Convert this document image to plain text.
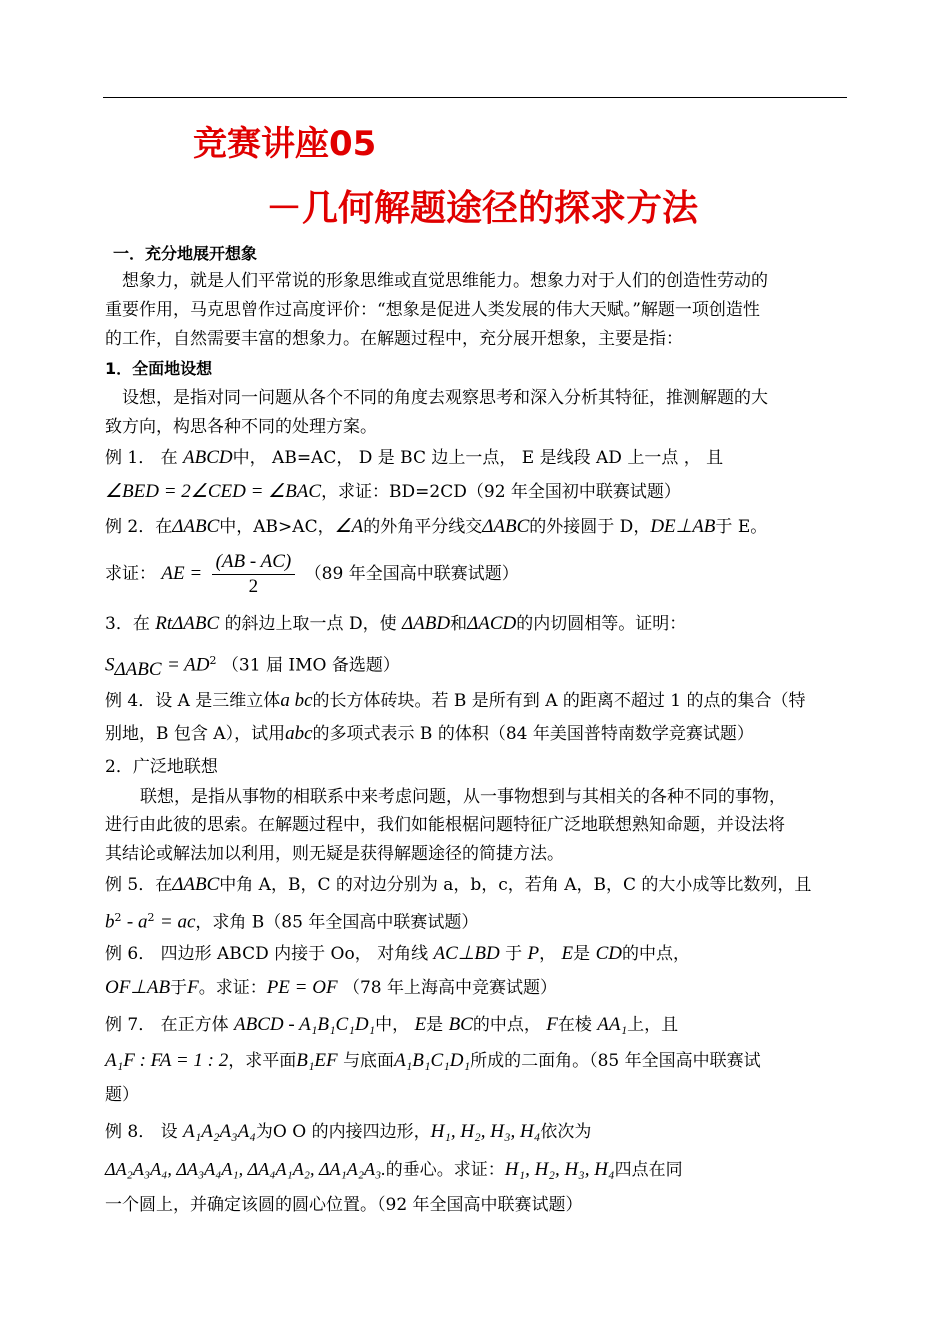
竞赛讲座05
－几何解题途径的探求方法
一．充分地展开想象
想象力，就是人们平常说的形象思维或直觉思维能力。想象力对于人们的创造性劳动的
重要作用，马克思曾作过高度评价：“想象是促进人类发展的伟大天赋。”解题一项创造性
的工作，自然需要丰富的想象力。在解题过程中，充分展开想象，主要是指：
1．全面地设想
设想，是指对同一问题从各个不同的角度去观察思考和深入分析其特征，推测解题的大
致方向，构思各种不同的处理方案。
例 1． 在 ABCD中， AB=AC， D 是 BC 边上一点， E 是线段 AD 上一点 ， 且
∠BED = 2∠CED = ∠BAC，求证：BD=2CD（92 年全国初中联赛试题）
例 2．在ΔABC中，AB>AC，∠A的外角平分线交ΔABC的外接圆于 D，DE⊥AB于 E。
求证： AE = $\frac{(AB - AC)}{2} (89$ 年全国高中联赛试题）
3．在 RtΔABC 的斜边上取一点 D，使 ΔABD和ΔACD的内切圆相等。证明：
$S_{\Delta ABC} = AD^2$ （31 届 IMO 备选题）
例 4．设 A 是三维立体a bc的长方体砖块。若 B 是所有到 A 的距离不超过 1 的点的集合（特
别地，B 包含 A），试用abc的多项式表示 B 的体积（84 年美国普特南数学竞赛试题）
2．广泛地联想
联想，是指从事物的相联系中来考虑问题，从一事物想到与其相关的各种不同的事物，
进行由此彼的思索。在解题过程中，我们如能根椐问题特征广泛地联想熟知命题，并设法将
其结论或解法加以利用，则无疑是获得解题途径的简捷方法。
例 5．在ΔABC中角 A，B，C 的对边分别为 a，b，c，若角 A，B，C 的大小成等比数列，且
$b^2 - a^2$ = ac，求角 B（85 年全国高中联赛试题）
例 6． 四边形 ABCD 内接于 Oo， 对角线 AC⊥BD 于 P， E是 CD的中点，
OF⊥AB于F。求证：PE = OF （78 年上海高中竞赛试题）
例 7． 在正方体 ABCD - A₁B₁C₁D₁中， E是 BC的中点， F在棱 AA₁上，且
A₁F : FA = 1 : 2，求平面B₁EF 与底面A₁B₁C₁D₁所成的二面角。（85 年全国高中联赛试
题）
例 8． 设 A₁A₂A₃A₄为O O 的内接四边形，H₁, H₂, H₃, H₄依次为
ΔA₂A₃A₄, ΔA₃A₄A₁, ΔA₄A₁A₂, ΔA₁A₂A₃.的垂心。求证：H₁, H₂, H₃, H₄四点在同
一个圆上，并确定该圆的圆心位置。（92 年全国高中联赛试题）
